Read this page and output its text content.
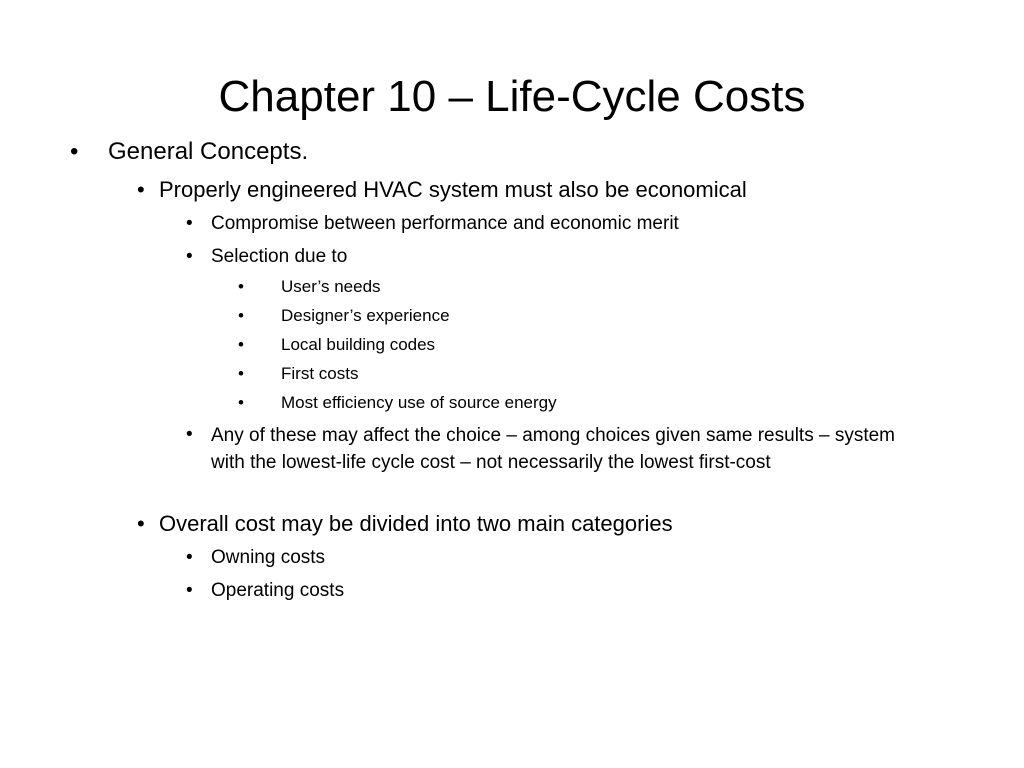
Chapter 10 – Life-Cycle Costs
• General Concepts.
• Properly engineered HVAC system must also be economical
• Compromise between performance and economic merit
• Selection due to
• User’s needs
• Designer’s experience
• Local building codes
• First costs
• Most efficiency use of source energy
• Any of these may affect the choice – among choices given same results – system with the lowest-life cycle cost – not necessarily the lowest first-cost
• Overall cost may be divided into two main categories
• Owning costs
• Operating costs
